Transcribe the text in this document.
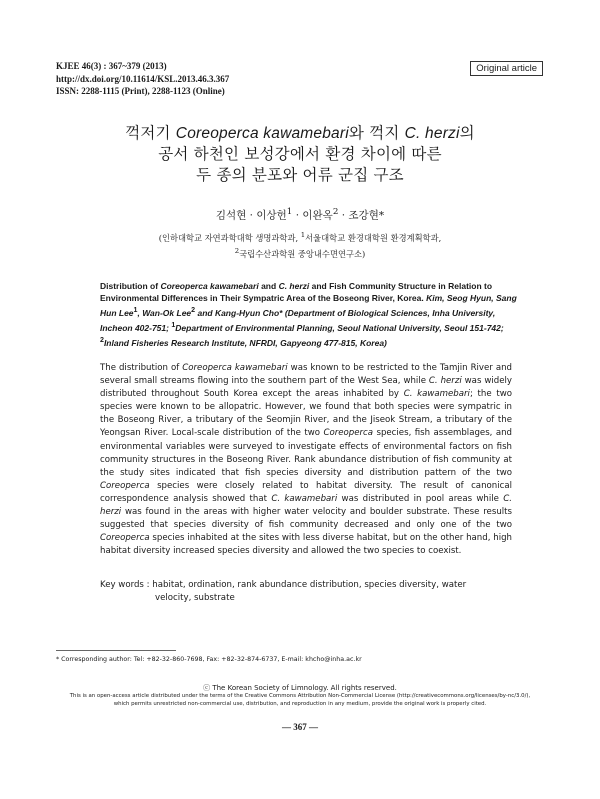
KJEE 46(3) : 367~379 (2013)
http://dx.doi.org/10.11614/KSL.2013.46.3.367
ISSN: 2288-1115 (Print), 2288-1123 (Online)
Original article
꺽저기 Coreoperca kawamebari와 꺽지 C. herzi의
공서 하천인 보성강에서 환경 차이에 따른
두 종의 분포와 어류 군집 구조
김석현 · 이상헌$^1$ · 이완옥$^2$ · 조강현*
(인하대학교 자연과학대학 생명과학과, $^1$서울대학교 환경대학원 환경계획학과,
$^2$국립수산과학원 중앙내수면연구소)
Distribution of Coreoperca kawamebari and C. herzi and Fish Community Structure in Relation to Environmental Differences in Their Sympatric Area of the Boseong River, Korea. Kim, Seog Hyun, Sang Hun Lee$^1$, Wan-Ok Lee$^2$ and Kang-Hyun Cho* (Department of Biological Sciences, Inha University, Incheon 402-751; $^1$Department of Environmental Planning, Seoul National University, Seoul 151-742; $^2$Inland Fisheries Research Institute, NFRDI, Gapyeong 477-815, Korea)
The distribution of Coreoperca kawamebari was known to be restricted to the Tamjin River and several small streams flowing into the southern part of the West Sea, while C. herzi was widely distributed throughout South Korea except the areas inhabited by C. kawamebari; the two species were known to be allopatric. However, we found that both species were sympatric in the Boseong River, a tributary of the Seomjin River, and the Jiseok Stream, a tributary of the Yeongsan River. Local-scale distribution of the two Coreoperca species, fish assemblages, and environmental variables were surveyed to investigate effects of environmental factors on fish community structures in the Boseong River. Rank abundance distribution of fish community at the study sites indicated that fish species diversity and distribution pattern of the two Coreoperca species were closely related to habitat diversity. The result of canonical correspondence analysis showed that C. kawamebari was distributed in pool areas while C. herzi was found in the areas with higher water velocity and boulder substrate. These results suggested that species diversity of fish community decreased and only one of the two Coreoperca species inhabited at the sites with less diverse habitat, but on the other hand, high habitat diversity increased species diversity and allowed the two species to coexist.
Key words : habitat, ordination, rank abundance distribution, species diversity, water
velocity, substrate
* Corresponding author: Tel: +82-32-860-7698, Fax: +82-32-874-6737, E-mail: khcho@inha.ac.kr
ⓒ The Korean Society of Limnology. All rights reserved.
This is an open-access article distributed under the terms of the Creative Commons Attribution Non-Commercial License (http://creativecommons.org/licenses/by-nc/3.0/),
which permits unrestricted non-commercial use, distribution, and reproduction in any medium, provide the original work is properly cited.
— 367 —
